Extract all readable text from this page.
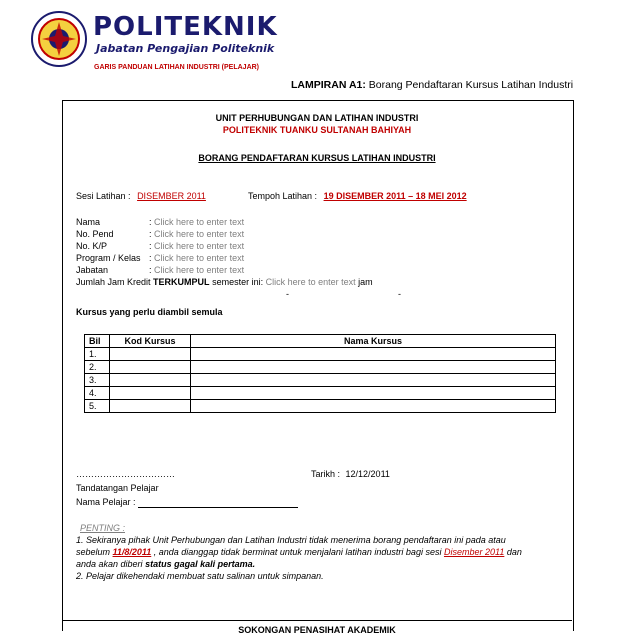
POLITEKNIK
Jabatan Pengajian Politeknik
GARIS PANDUAN LATIHAN INDUSTRI (PELAJAR)
LAMPIRAN A1: Borang Pendaftaran Kursus Latihan Industri
UNIT PERHUBUNGAN DAN LATIHAN INDUSTRI
POLITEKNIK TUANKU SULTANAH BAHIYAH
BORANG PENDAFTARAN KURSUS LATIHAN INDUSTRI
Sesi Latihan : DISEMBER 2011	Tempoh Latihan : 19 DISEMBER 2011 – 18 MEI 2012
Nama	: Click here to enter text
No. Pend	: Click here to enter text
No. K/P	: Click here to enter text
Program / Kelas : Click here to enter text
Jabatan	: Click here to enter text
Jumlah Jam Kredit TERKUMPUL semester ini: Click here to enter text jam
-	-
Kursus yang perlu diambil semula
Bil	Kod Kursus	Nama Kursus
1.		
2.		
3.		
4.		
5.		
……………………………	Tarikh : 12/12/2011
Tandatangan Pelajar
Nama Pelajar :
PENTING :
1. Sekiranya pihak Unit Perhubungan dan Latihan Industri tidak menerima borang pendaftaran ini pada atau
sebelum 11/8/2011 , anda dianggap tidak berminat untuk menjalani latihan industri bagi sesi Disember 2011 dan
anda akan diberi status gagal kali pertama.
2. Pelajar dikehendaki membuat satu salinan untuk simpanan.
SOKONGAN PENASIHAT AKADEMIK
